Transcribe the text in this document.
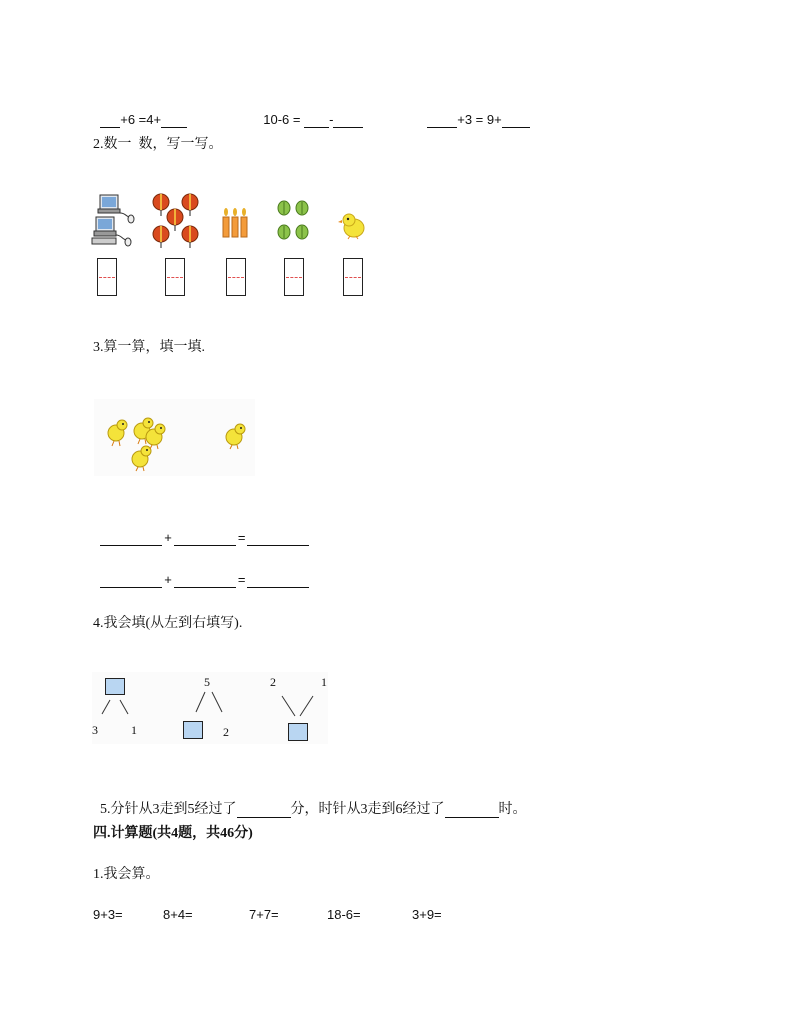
+6 =4+	10-6 = -	+3 = 9+

2.数一  数，写一写。
3.算一算，填一填.

+	=

+	=

4.我会填(从左到右填写).
3	1
5
2
2	1

5.分针从3走到5经过了	分，时针从3走到6经过了	时。

四.计算题(共4题，共46分)
1.我会算。
9+3=	8+4=	7+7=	18-6=	3+9=
